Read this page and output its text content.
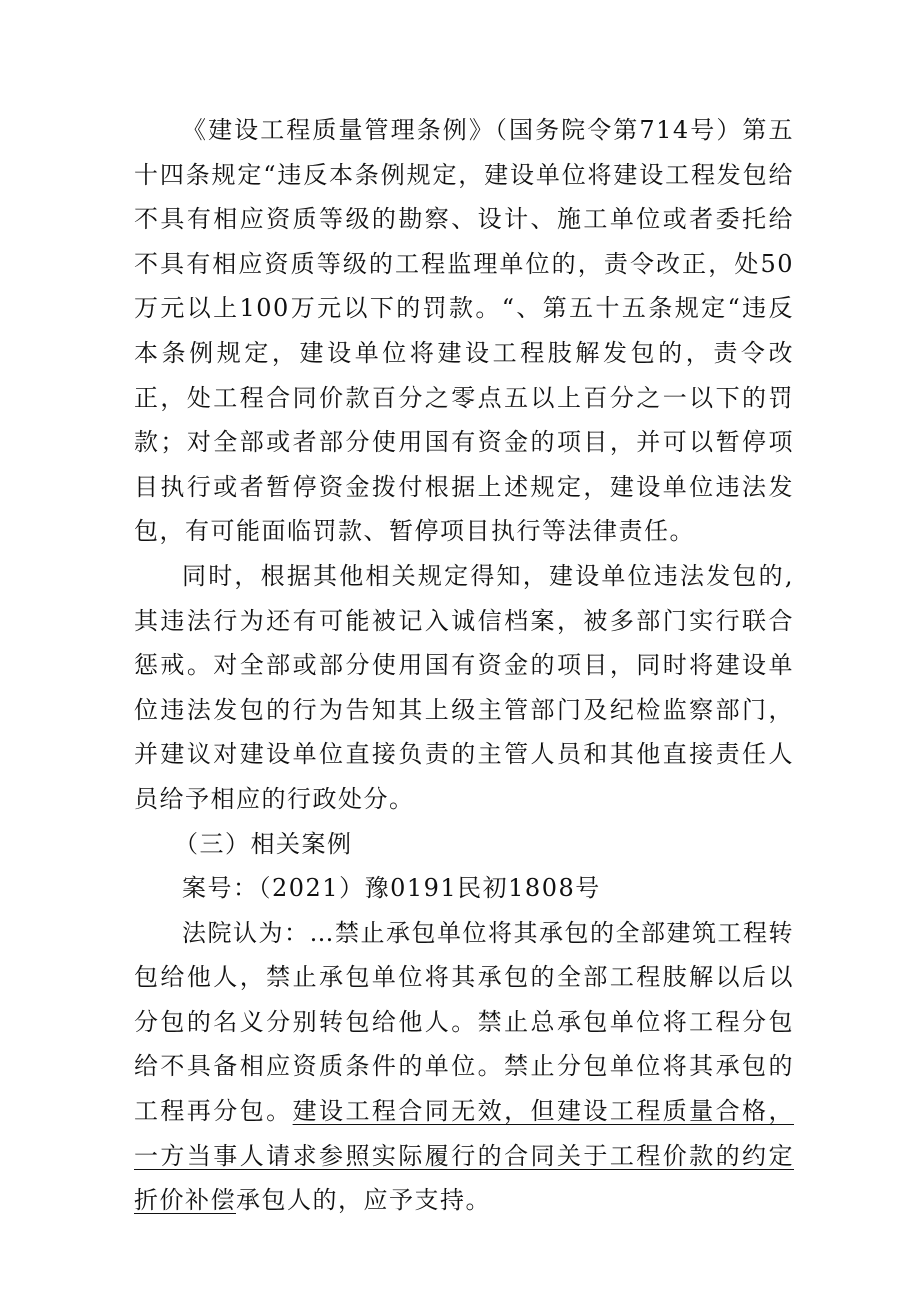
《建设工程质量管理条例》（国务院令第714号）第五十四条规定“违反本条例规定，建设单位将建设工程发包给不具有相应资质等级的勘察、设计、施工单位或者委托给不具有相应资质等级的工程监理单位的，责令改正，处50万元以上100万元以下的罚款。“、第五十五条规定“违反本条例规定，建设单位将建设工程肢解发包的，责令改正，处工程合同价款百分之零点五以上百分之一以下的罚款；对全部或者部分使用国有资金的项目，并可以暂停项目执行或者暂停资金拨付根据上述规定，建设单位违法发包，有可能面临罚款、暂停项目执行等法律责任。

同时，根据其他相关规定得知，建设单位违法发包的,其违法行为还有可能被记入诚信档案，被多部门实行联合惩戒。对全部或部分使用国有资金的项目，同时将建设单位违法发包的行为告知其上级主管部门及纪检监察部门，并建议对建设单位直接负责的主管人员和其他直接责任人员给予相应的行政处分。

（三）相关案例

案号：（2021）豫0191民初1808号

法院认为：…禁止承包单位将其承包的全部建筑工程转包给他人，禁止承包单位将其承包的全部工程肢解以后以分包的名义分别转包给他人。禁止总承包单位将工程分包给不具备相应资质条件的单位。禁止分包单位将其承包的工程再分包。建设工程合同无效，但建设工程质量合格，一方当事人请求参照实际履行的合同关于工程价款的约定折价补偿承包人的，应予支持。
